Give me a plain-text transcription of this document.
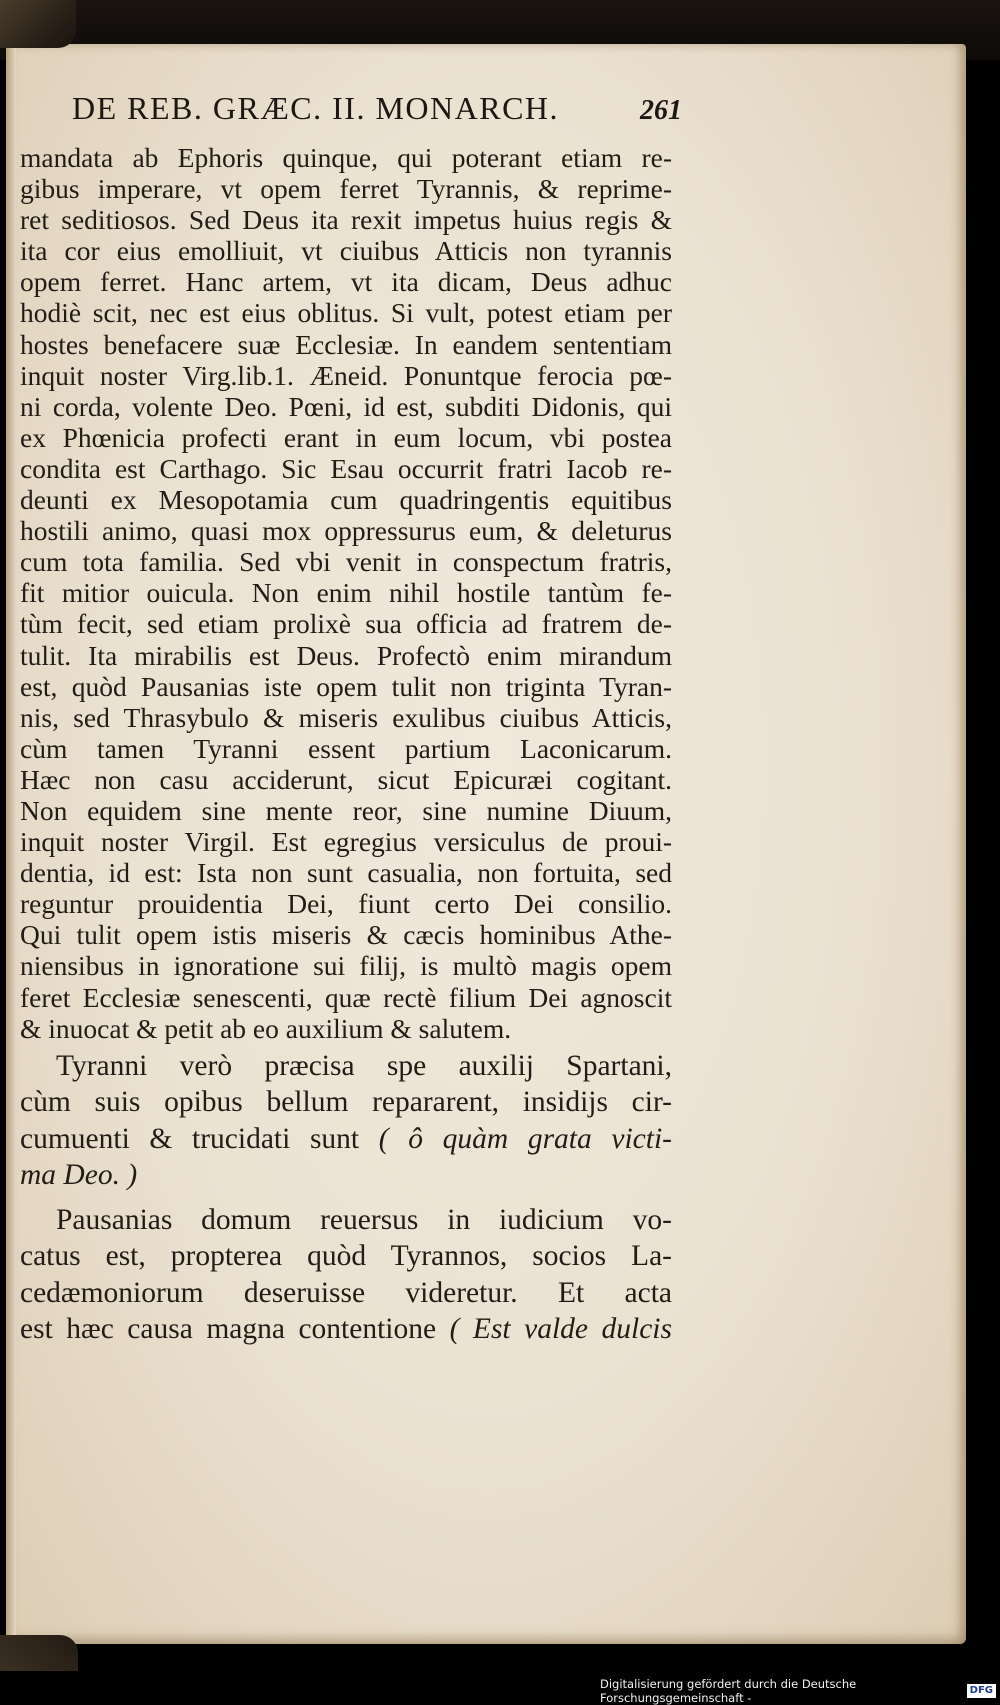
DE REB. GRÆC. II. MONARCH.	261
mandata ab Ephoris quinque, qui poterant etiam re-
gibus imperare, vt opem ferret Tyrannis, & reprime-
ret seditiosos. Sed Deus ita rexit impetus huius regis &
ita cor eius emolliuit, vt ciuibus Atticis non tyrannis
opem ferret. Hanc artem, vt ita dicam, Deus adhuc
hodiè scit, nec est eius oblitus. Si vult, potest etiam per
hostes benefacere suæ Ecclesiæ. In eandem sententiam
inquit noster Virg.lib.1. Æneid. Ponuntque ferocia pœ-
ni corda, volente Deo. Pœni, id est, subditi Didonis, qui
ex Phœnicia profecti erant in eum locum, vbi postea
condita est Carthago. Sic Esau occurrit fratri Iacob re-
deunti ex Mesopotamia cum quadringentis equitibus
hostili animo, quasi mox oppressurus eum, & deleturus
cum tota familia. Sed vbi venit in conspectum fratris,
fit mitior ouicula. Non enim nihil hostile tantùm fe-
tùm fecit, sed etiam prolixè sua officia ad fratrem de-
tulit. Ita mirabilis est Deus. Profectò enim mirandum
est, quòd Pausanias iste opem tulit non triginta Tyran-
nis, sed Thrasybulo & miseris exulibus ciuibus Atticis,
cùm tamen Tyranni essent partium Laconicarum.
Hæc non casu acciderunt, sicut Epicuræi cogitant.
Non equidem sine mente reor, sine numine Diuum,
inquit noster Virgil. Est egregius versiculus de proui-
dentia, id est: Ista non sunt casualia, non fortuita, sed
reguntur prouidentia Dei, fiunt certo Dei consilio.
Qui tulit opem istis miseris & cæcis hominibus Athe-
niensibus in ignoratione sui filij, is multò magis opem
feret Ecclesiæ senescenti, quæ rectè filium Dei agnoscit
& inuocat & petit ab eo auxilium & salutem.
Tyranni verò præcisa spe auxilij Spartani,
cùm suis opibus bellum repararent, insidijs cir-
cumuenti & trucidati sunt ( ô quàm grata victi-
ma Deo. )
Pausanias domum reuersus in iudicium vo-
catus est, propterea quòd Tyrannos, socios La-
cedæmoniorum deseruisse videretur. Et acta
est hæc causa magna contentione ( Est valde dulcis
Digitalisierung gefördert durch die Deutsche Forschungsgemeinschaft -
DFG
